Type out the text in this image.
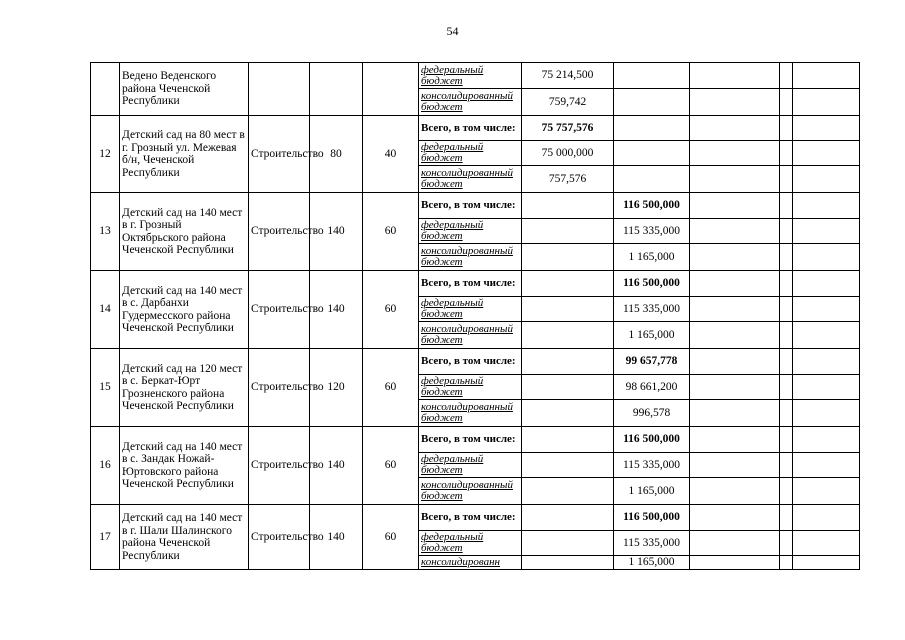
54
	Ведено Веденского района Чеченской Республики				федеральный бюджет	75 214,500				
					консолидированный бюджет	759,742				
12	Детский сад на 80 мест в г. Грозный ул. Межевая б/н, Чеченской Республики	Строительство	80	40	Всего, в том числе:	75 757,576				
					федеральный бюджет	75 000,000				
					консолидированный бюджет	757,576				
13	Детский сад на 140 мест в г. Грозный Октябрьского района Чеченской Республики	Строительство	140	60	Всего, в том числе:		116 500,000			
					федеральный бюджет		115 335,000			
					консолидированный бюджет		1 165,000			
14	Детский сад на 140 мест в с. Дарбанхи Гудермесского района Чеченской Республики	Строительство	140	60	Всего, в том числе:		116 500,000			
					федеральный бюджет		115 335,000			
					консолидированный бюджет		1 165,000			
15	Детский сад на 120 мест в с. Беркат-Юрт Грозненского района Чеченской Республики	Строительство	120	60	Всего, в том числе:		99 657,778			
					федеральный бюджет		98 661,200			
					консолидированный бюджет		996,578			
16	Детский сад на 140 мест в с. Зандак Ножай-Юртовского района Чеченской Республики	Строительство	140	60	Всего, в том числе:		116 500,000			
					федеральный бюджет		115 335,000			
					консолидированный бюджет		1 165,000			
17	Детский сад на 140 мест в г. Шали Шалинского района Чеченской Республики	Строительство	140	60	Всего, в том числе:		116 500,000			
					федеральный бюджет		115 335,000			
					консолидированн		1 165,000			
